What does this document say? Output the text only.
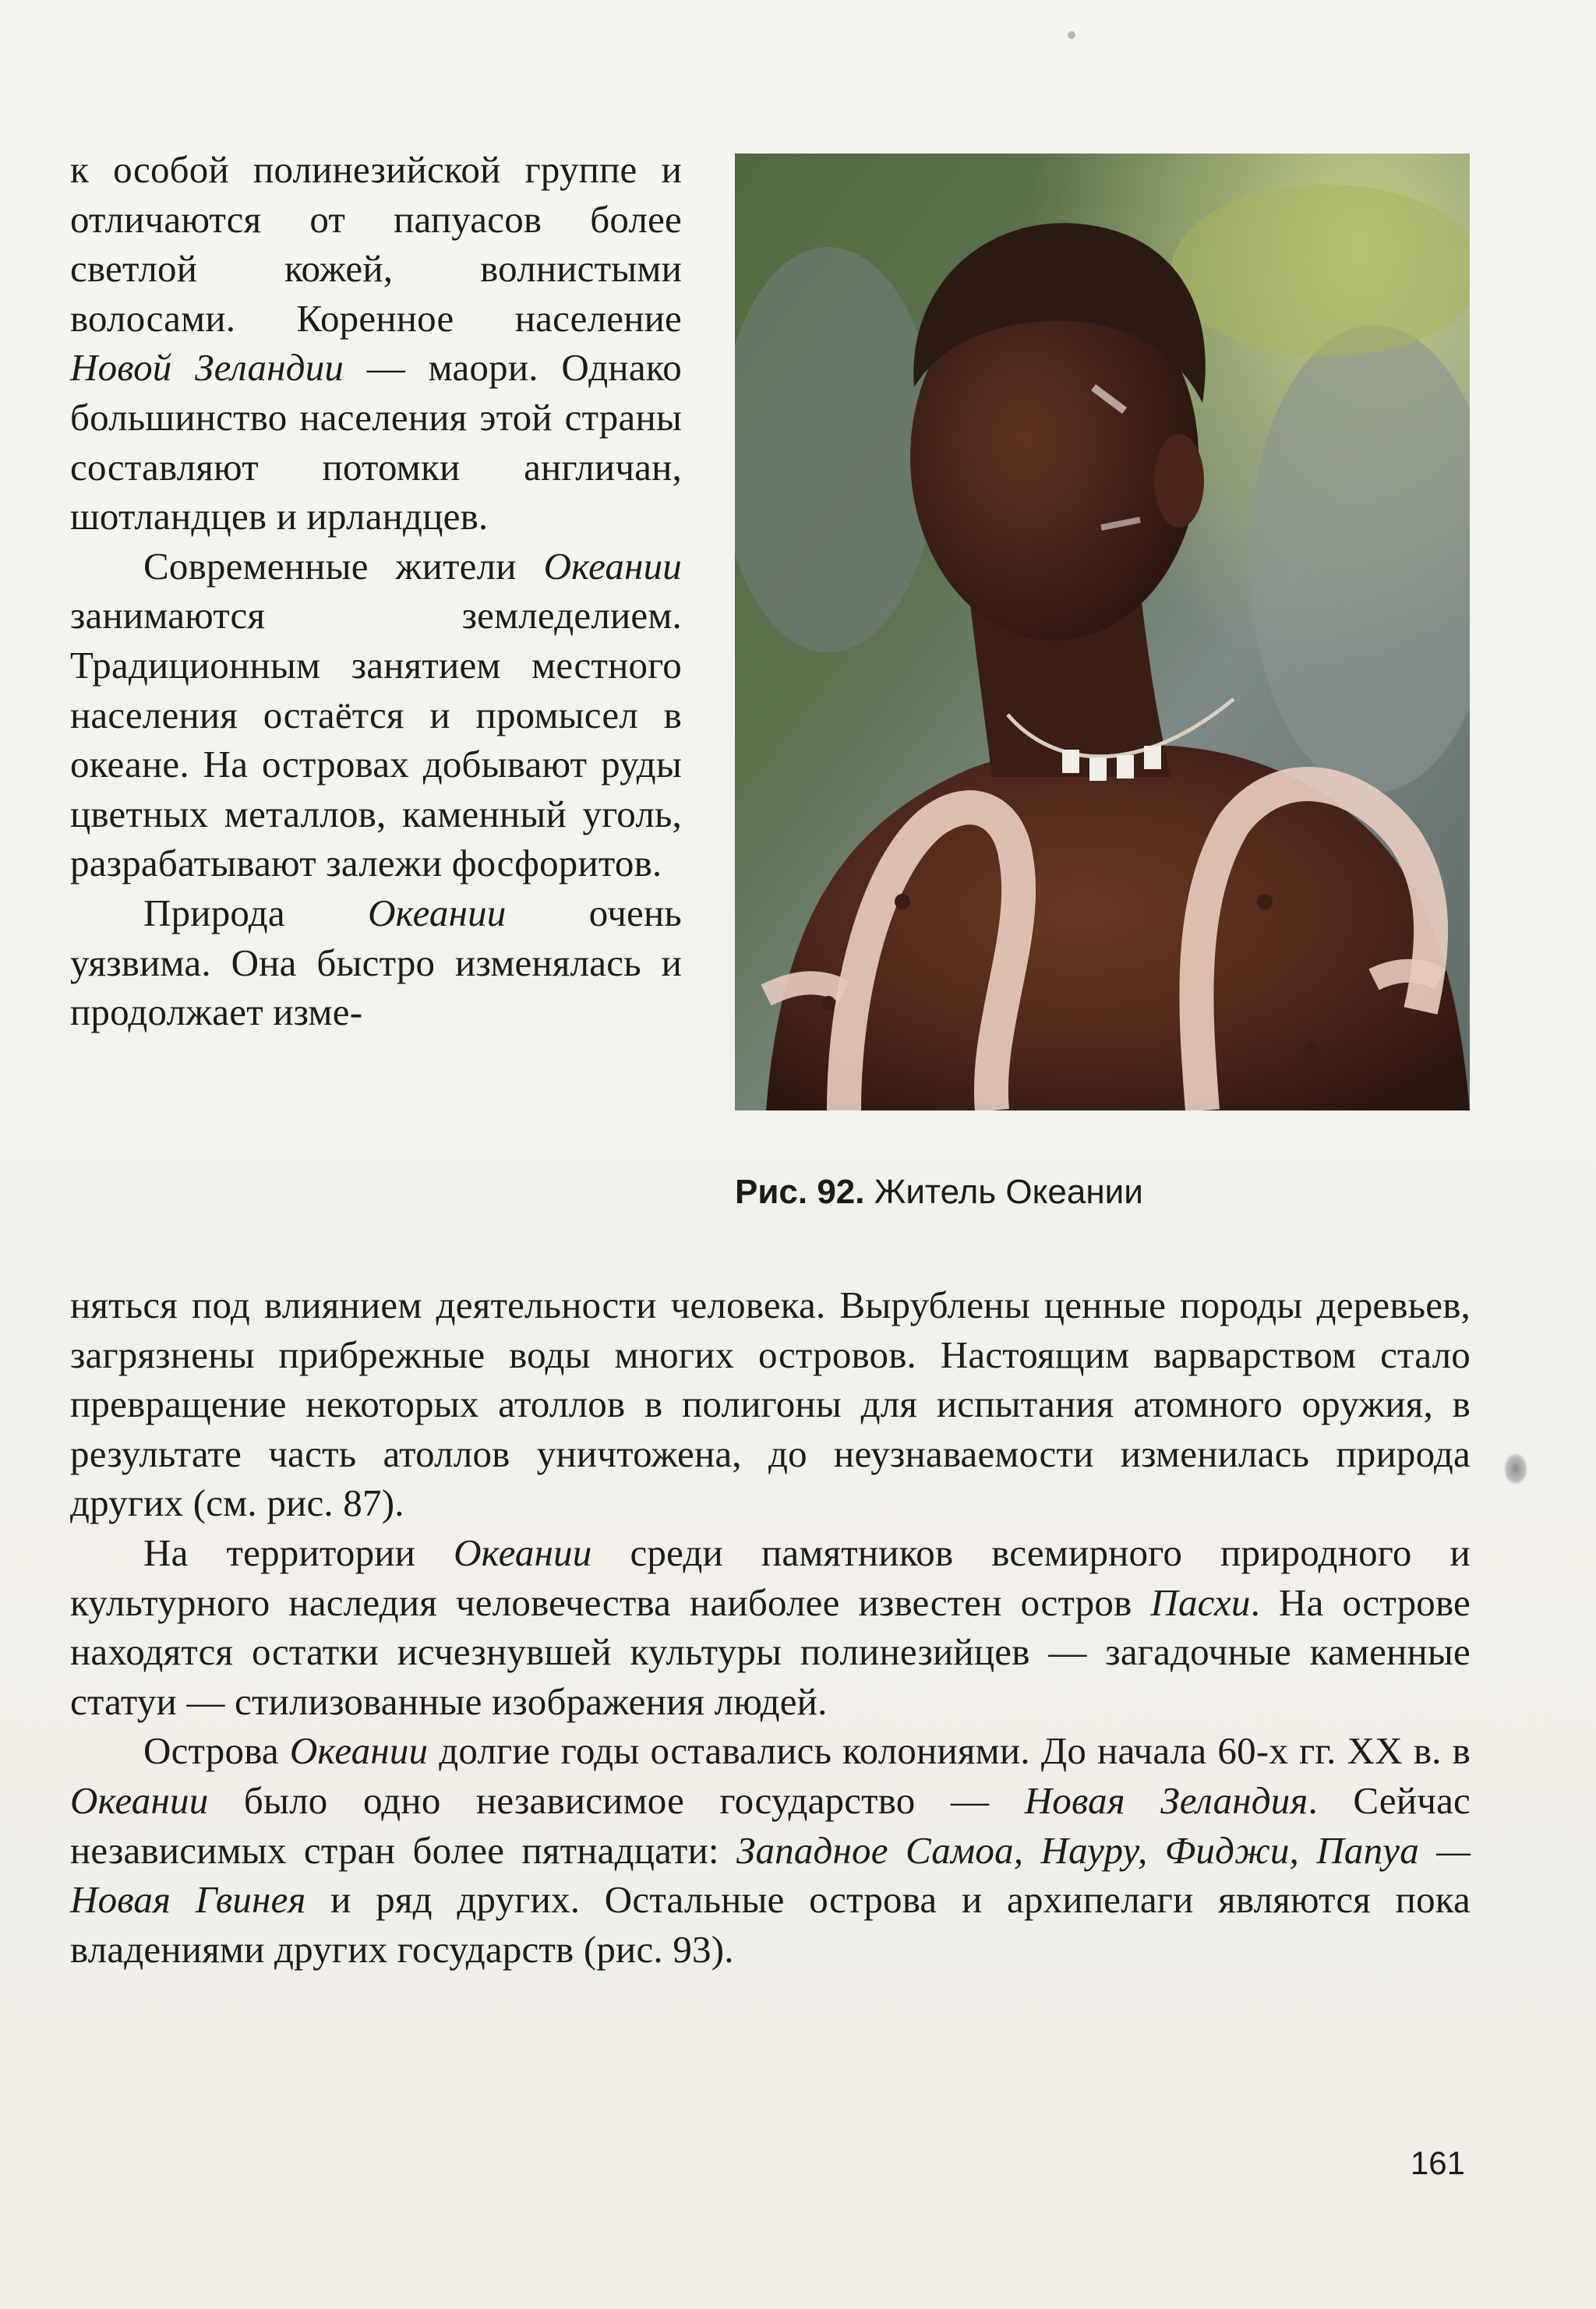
к особой полинезийской группе и отличаются от папуасов более светлой кожей, волнистыми волосами. Коренное население Новой Зеландии — маори. Однако большинство населения этой страны составляют потомки англичан, шотландцев и ирландцев.

Современные жители Океании занимаются земледелием. Традиционным занятием местного населения остаётся и промысел в океане. На островах добывают руды цветных металлов, каменный уголь, разрабатывают залежи фосфоритов.

Природа Океании очень уязвима. Она быстро изменялась и продолжает изме-

Рис. 92. Житель Океании

няться под влиянием деятельности человека. Вырублены ценные породы деревьев, загрязнены прибрежные воды многих островов. Настоящим варварством стало превращение некоторых атоллов в полигоны для испытания атомного оружия, в результате часть атоллов уничтожена, до неузнаваемости изменилась природа других (см. рис. 87).

На территории Океании среди памятников всемирного природного и культурного наследия человечества наиболее известен остров Пасхи. На острове находятся остатки исчезнувшей культуры полинезийцев — загадочные каменные статуи — стилизованные изображения людей.

Острова Океании долгие годы оставались колониями. До начала 60-х гг. XX в. в Океании было одно независимое государство — Новая Зеландия. Сейчас независимых стран более пятнадцати: Западное Самоа, Науру, Фиджи, Папуа — Новая Гвинея и ряд других. Остальные острова и архипелаги являются пока владениями других государств (рис. 93).

161
